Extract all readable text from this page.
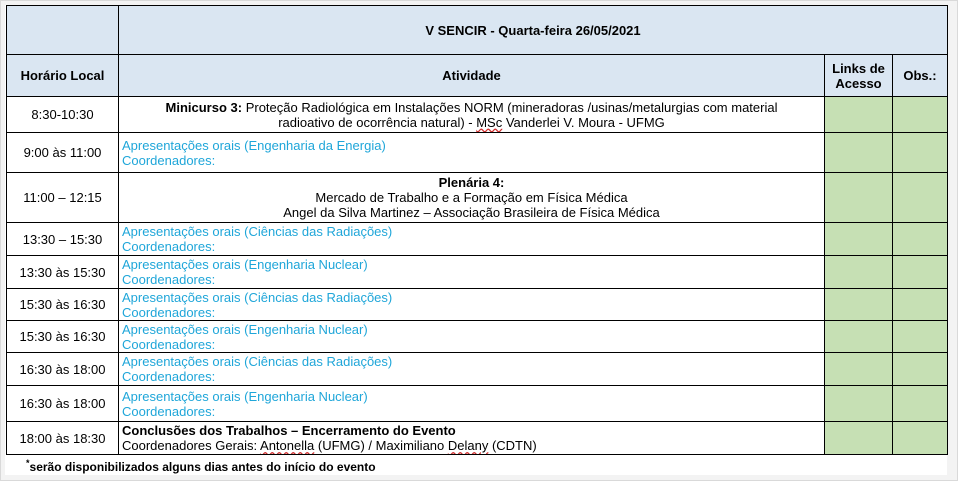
	V SENCIR - Quarta-feira 26/05/2021		
Horário Local	Atividade	Links de
Acesso	Obs.:
8:30-10:30	Minicurso 3: Proteção Radiológica em Instalações NORM (mineradoras /usinas/metalurgias com material
radioativo de ocorrência natural) - MSc Vanderlei V. Moura - UFMG		
9:00 às 11:00	Apresentações orais (Engenharia da Energia)
Coordenadores:		

11:00 – 12:15	Plenária 4:
Mercado de Trabalho e a Formação em Física Médica
Angel da Silva Martinez – Associação Brasileira de Física Médica		
13:30 – 15:30	Apresentações orais (Ciências das Radiações)
Coordenadores:		

13:30 às 15:30	Apresentações orais (Engenharia Nuclear)
Coordenadores:		

15:30 às 16:30	Apresentações orais (Ciências das Radiações)
Coordenadores:		

15:30 às 16:30	Apresentações orais (Engenharia Nuclear)
Coordenadores:		

16:30 às 18:00	Apresentações orais (Ciências das Radiações)
Coordenadores:		

16:30 às 18:00	Apresentações orais (Engenharia Nuclear)
Coordenadores:		

18:00 às 18:30	Conclusões dos Trabalhos – Encerramento do Evento
Coordenadores Gerais: Antonella (UFMG) / Maximiliano Delany (CDTN)		
*serão disponibilizados alguns dias antes do início do evento
